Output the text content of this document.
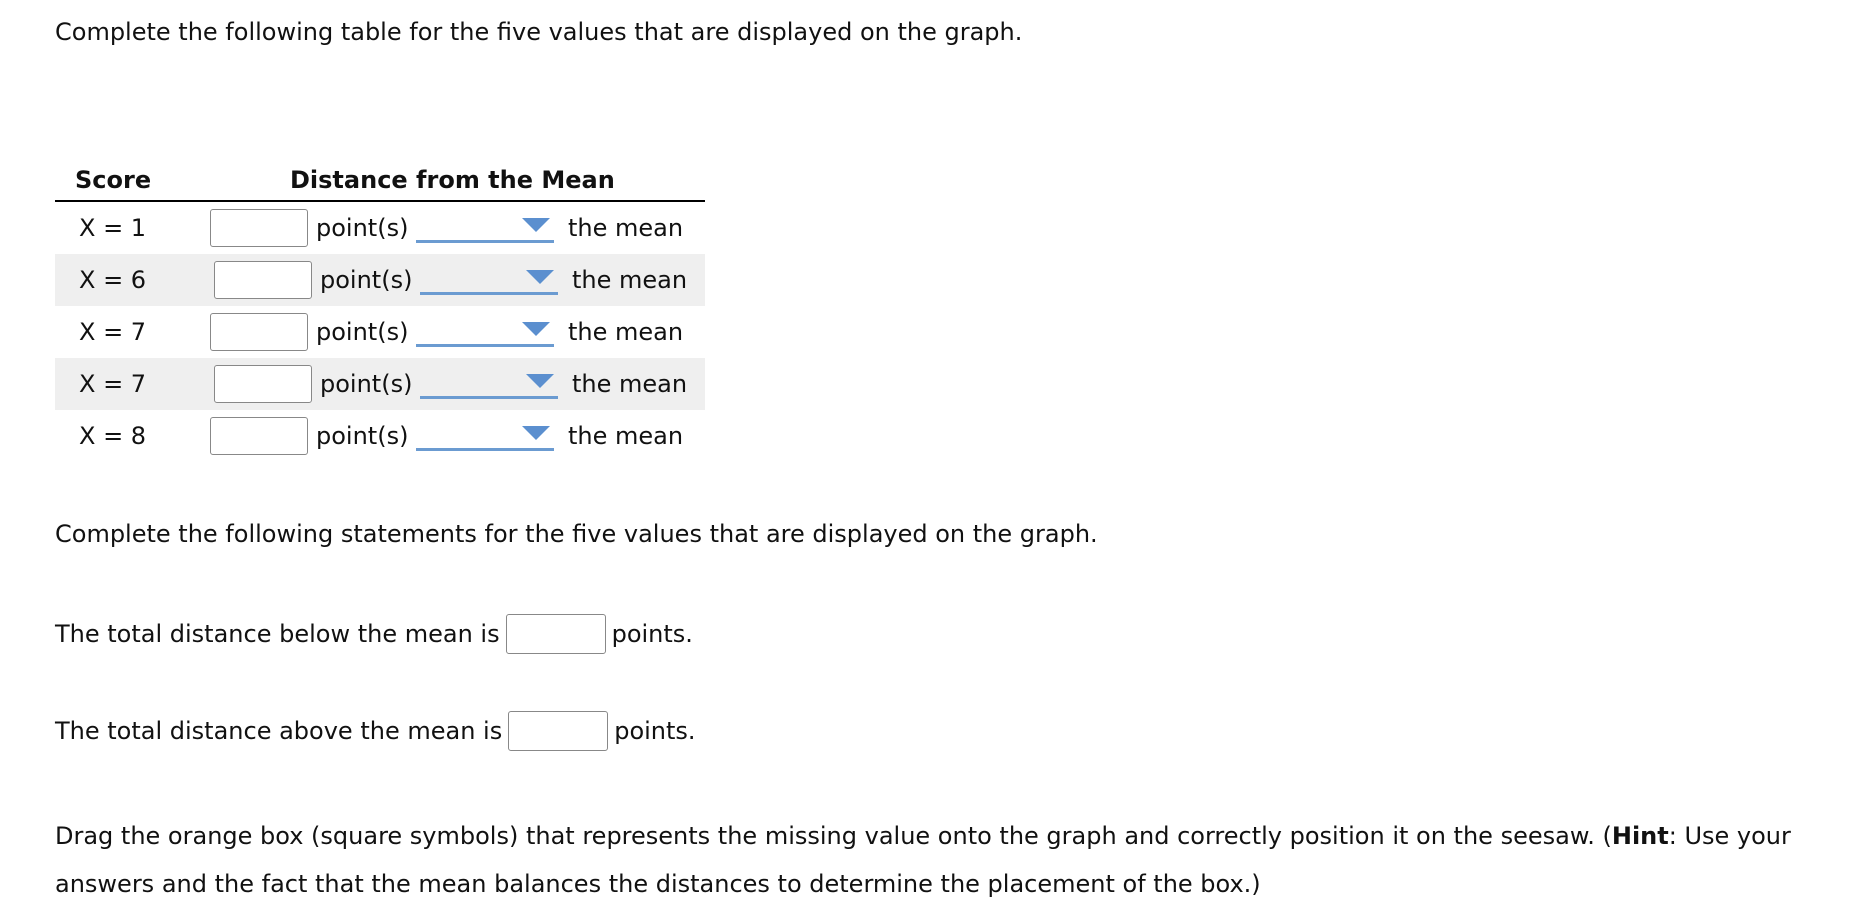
Complete the following table for the five values that are displayed on the graph.
Score	Distance from the Mean
X = 1	point(s) the mean

X = 6	point(s) the mean

X = 7	point(s) the mean

X = 7	point(s) the mean

X = 8	point(s) the mean
Complete the following statements for the five values that are displayed on the graph.
The total distance below the mean is	points.
The total distance above the mean is	points.
Drag the orange box (square symbols) that represents the missing value onto the graph and correctly position it on the seesaw. (Hint: Use your answers and the fact that the mean balances the distances to determine the placement of the box.)
